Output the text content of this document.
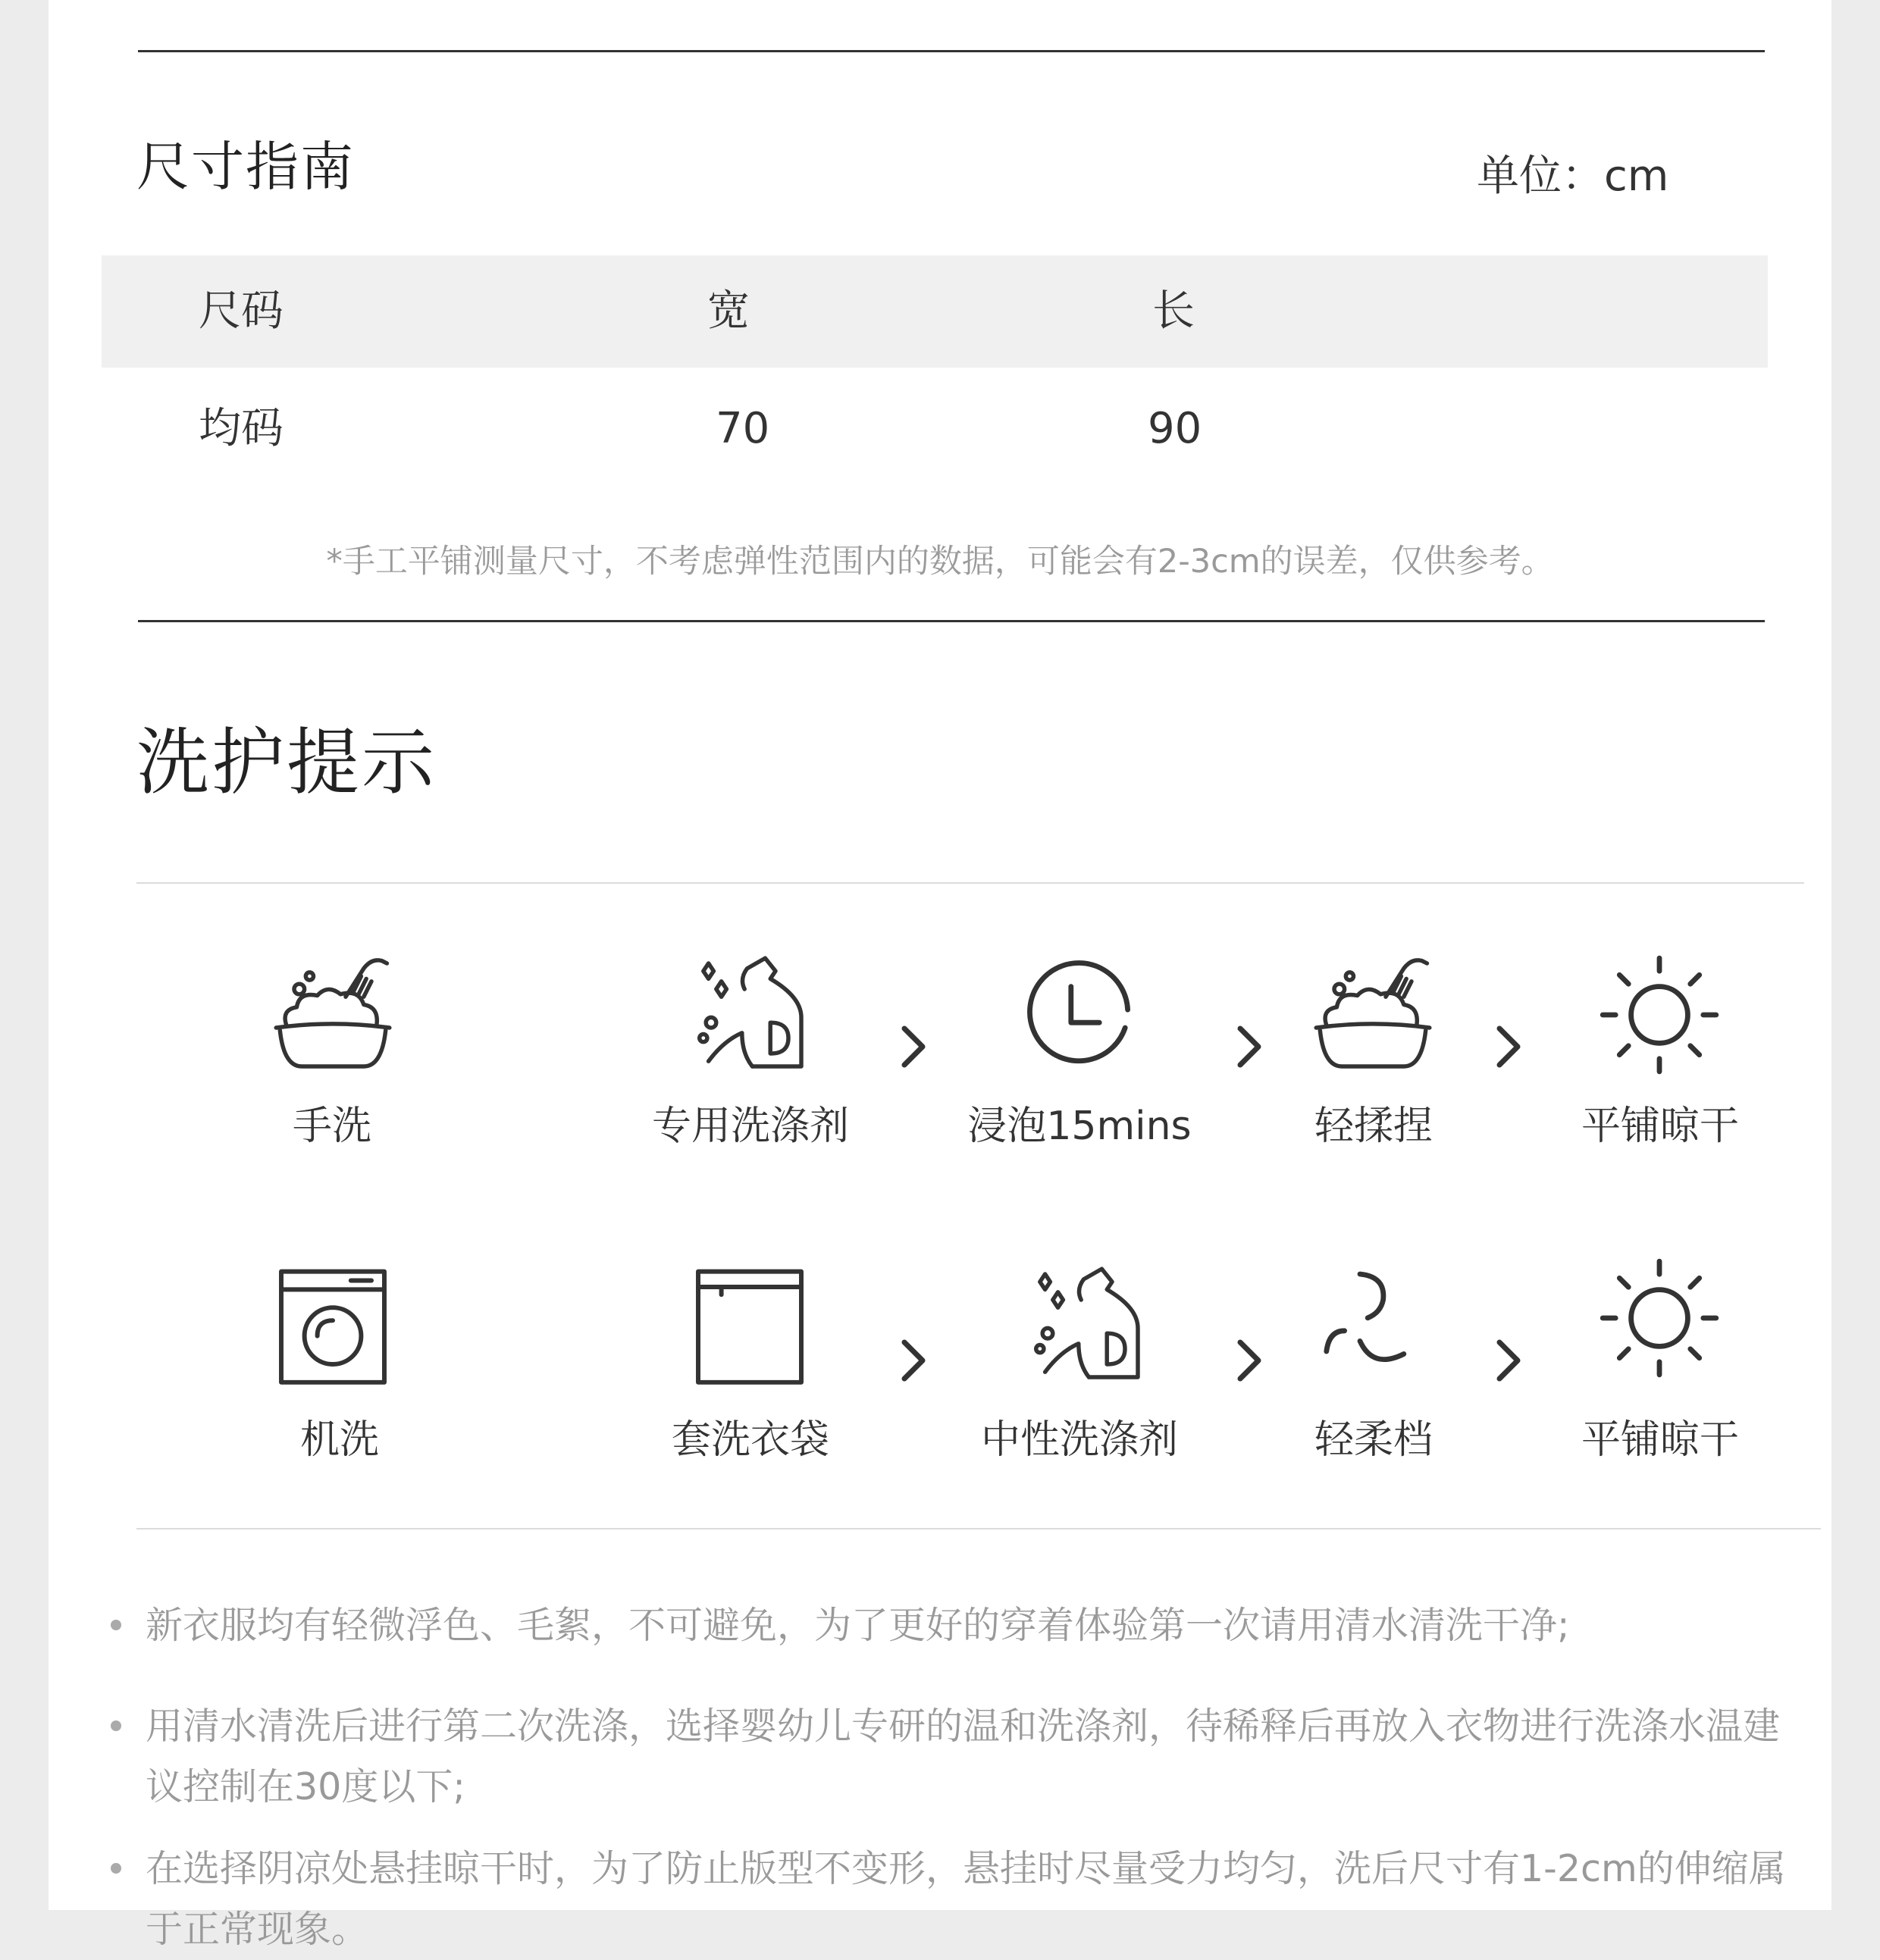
尺寸指南	单位：cm
尺码	宽	长
均码	70	90
*手工平铺测量尺寸，不考虑弹性范围内的数据，可能会有2-3cm的误差，仅供参考。
洗护提示
手洗	专用洗涤剂	浸泡15mins	轻揉捏	平铺晾干
机洗	套洗衣袋	中性洗涤剂	轻柔档	平铺晾干
新衣服均有轻微浮色、毛絮，不可避免，为了更好的穿着体验第一次请用清水清洗干净;
用清水清洗后进行第二次洗涤，选择婴幼儿专研的温和洗涤剂，待稀释后再放入衣物进行洗涤水温建议控制在30度以下;
在选择阴凉处悬挂晾干时，为了防止版型不变形，悬挂时尽量受力均匀，洗后尺寸有1-2cm的伸缩属于正常现象。
